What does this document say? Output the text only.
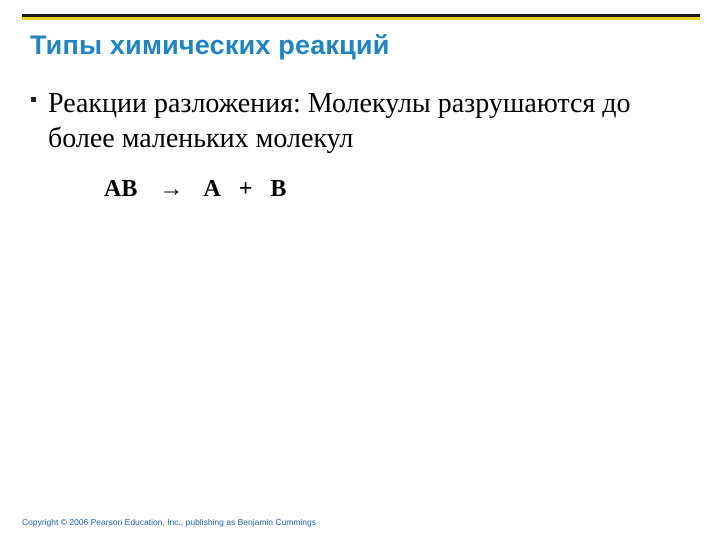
Типы химических реакций
Реакции разложения: Молекулы разрушаются до более маленьких молекул
AB → A + B
Copyright © 2006 Pearson Education, Inc., publishing as Benjamin Cummings
